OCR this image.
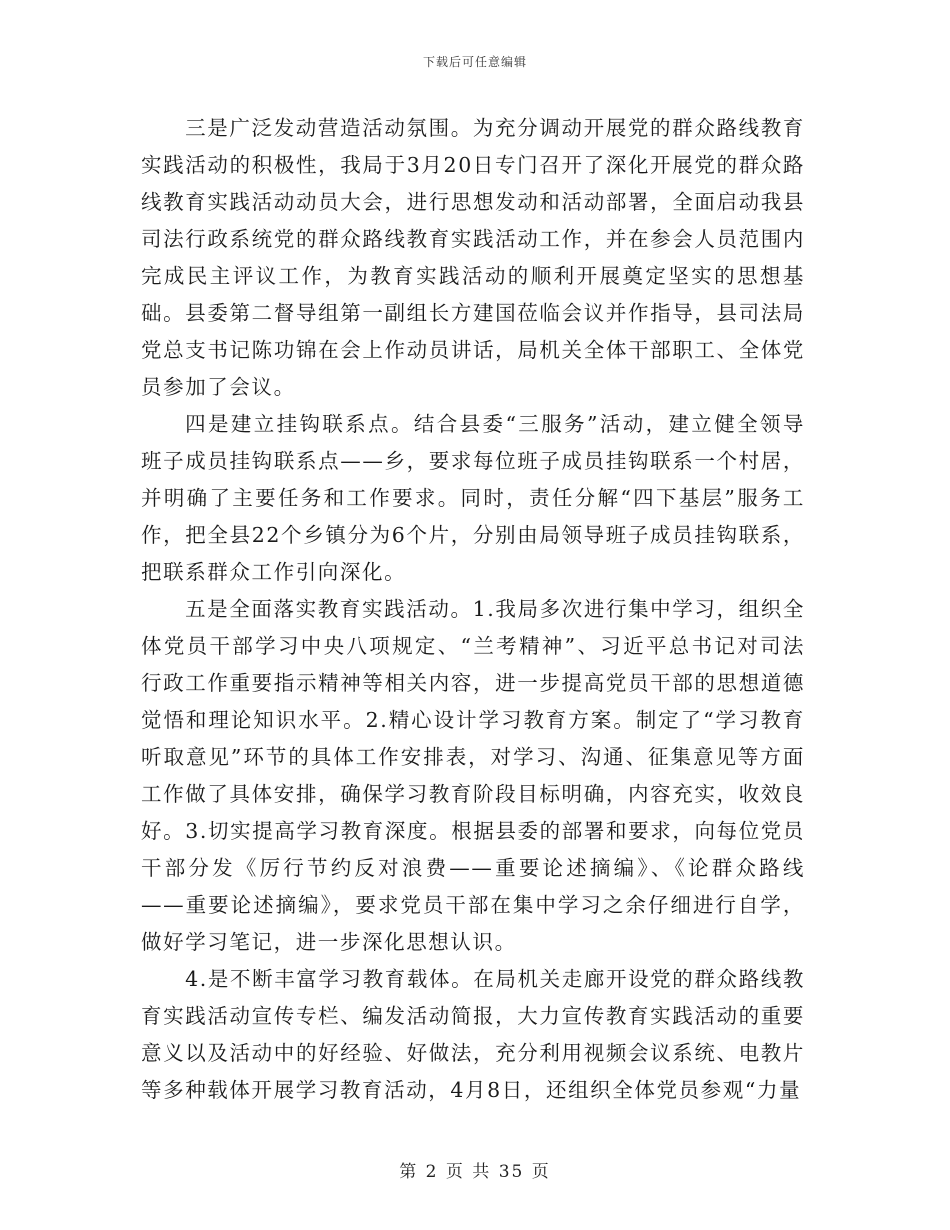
下载后可任意编辑

三是广泛发动营造活动氛围。为充分调动开展党的群众路线教育实践活动的积极性，我局于3月20日专门召开了深化开展党的群众路线教育实践活动动员大会，进行思想发动和活动部署，全面启动我县司法行政系统党的群众路线教育实践活动工作，并在参会人员范围内完成民主评议工作，为教育实践活动的顺利开展奠定坚实的思想基础。县委第二督导组第一副组长方建国莅临会议并作指导，县司法局党总支书记陈功锦在会上作动员讲话，局机关全体干部职工、全体党员参加了会议。

四是建立挂钩联系点。结合县委“三服务”活动，建立健全领导班子成员挂钩联系点——乡，要求每位班子成员挂钩联系一个村居，并明确了主要任务和工作要求。同时，责任分解“四下基层”服务工作，把全县22个乡镇分为6个片，分别由局领导班子成员挂钩联系，把联系群众工作引向深化。

五是全面落实教育实践活动。1.我局多次进行集中学习，组织全体党员干部学习中央八项规定、“兰考精神”、习近平总书记对司法行政工作重要指示精神等相关内容，进一步提高党员干部的思想道德觉悟和理论知识水平。2.精心设计学习教育方案。制定了“学习教育听取意见”环节的具体工作安排表，对学习、沟通、征集意见等方面工作做了具体安排，确保学习教育阶段目标明确，内容充实，收效良好。3.切实提高学习教育深度。根据县委的部署和要求，向每位党员干部分发《厉行节约反对浪费——重要论述摘编》、《论群众路线——重要论述摘编》，要求党员干部在集中学习之余仔细进行自学，做好学习笔记，进一步深化思想认识。

4.是不断丰富学习教育载体。在局机关走廊开设党的群众路线教育实践活动宣传专栏、编发活动简报，大力宣传教育实践活动的重要意义以及活动中的好经验、好做法，充分利用视频会议系统、电教片等多种载体开展学习教育活动，4月8日，还组织全体党员参观“力量

第 2 页 共 35 页
